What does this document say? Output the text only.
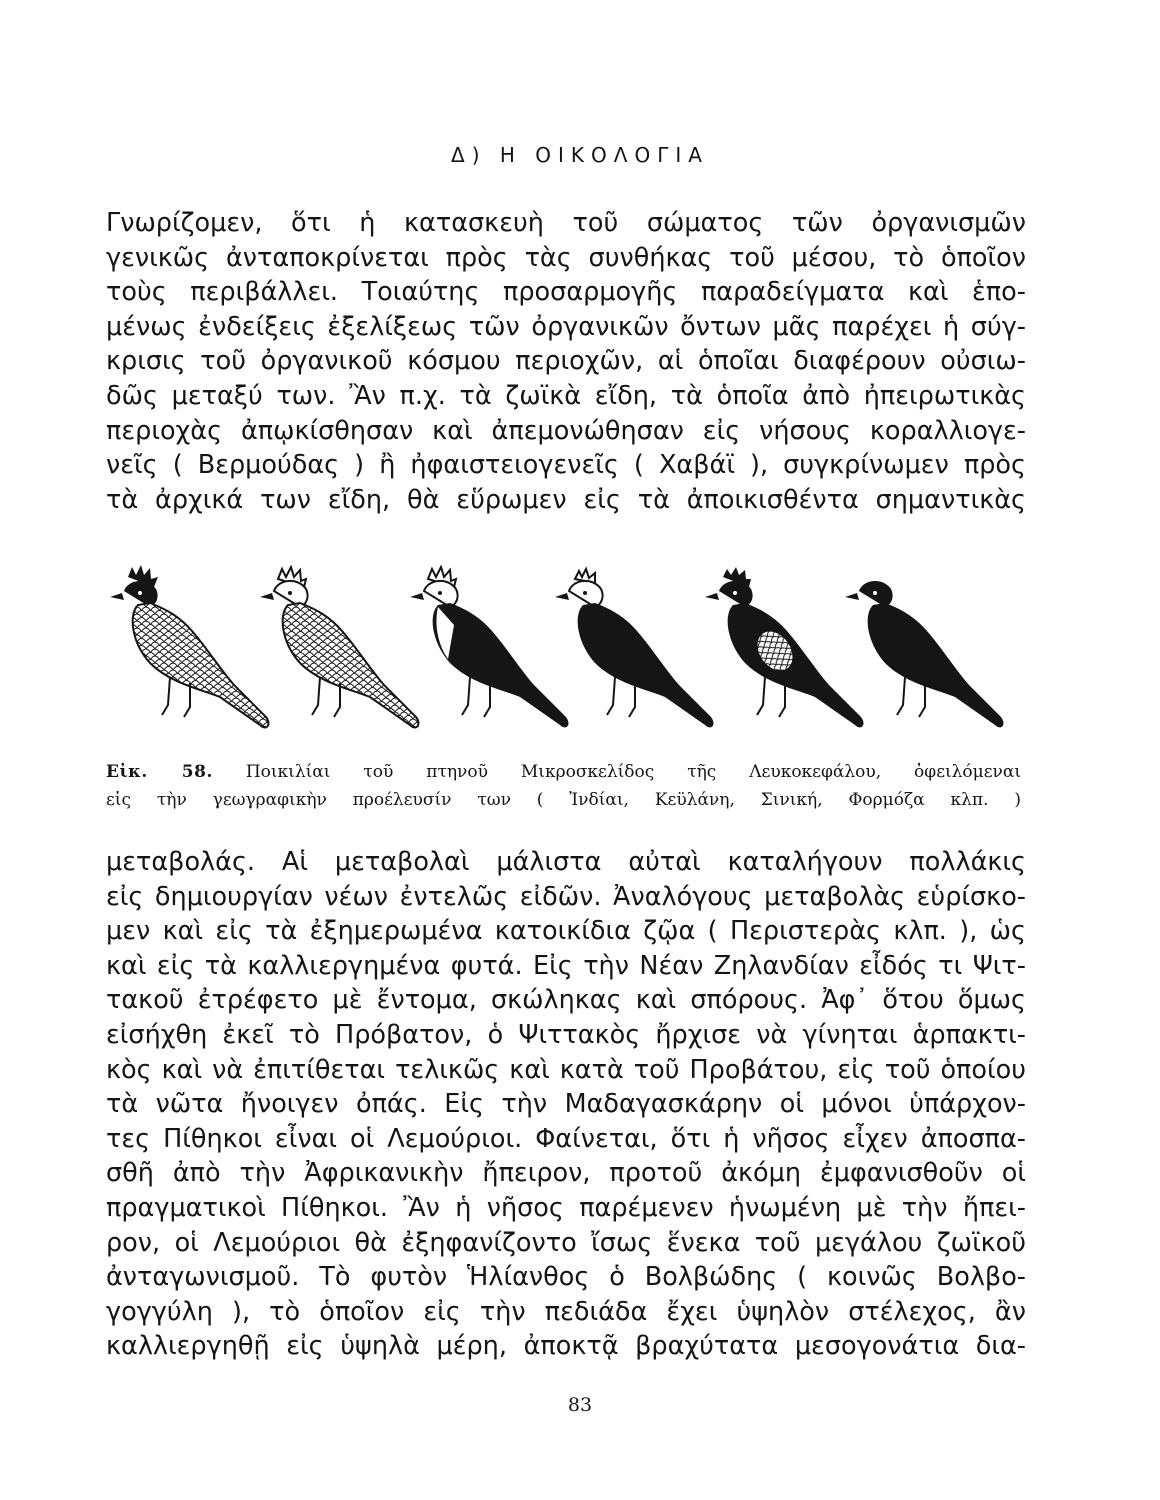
Δ) Η ΟΙΚΟΛΟΓΙΑ
Γνωρίζομεν, ὅτι ἡ κατασκευὴ τοῦ σώματος τῶν ὀργανισμῶν
γενικῶς ἀνταποκρίνεται πρὸς τὰς συνθήκας τοῦ μέσου, τὸ ὁποῖον
τοὺς περιβάλλει. Τοιαύτης προσαρμογῆς παραδείγματα καὶ ἑπο-
μένως ἐνδείξεις ἐξελίξεως τῶν ὀργανικῶν ὄντων μᾶς παρέχει ἡ σύγ-
κρισις τοῦ ὀργανικοῦ κόσμου περιοχῶν, αἱ ὁποῖαι διαφέρουν οὐσιω-
δῶς μεταξύ των. Ἂν π.χ. τὰ ζωϊκὰ εἴδη, τὰ ὁποῖα ἀπὸ ἠπειρωτικὰς
περιοχὰς ἀπῳκίσθησαν καὶ ἀπεμονώθησαν εἰς νήσους κοραλλιογε-
νεῖς ( Βερμούδας ) ἢ ἠφαιστειογενεῖς ( Χαβάϊ ), συγκρίνωμεν πρὸς
τὰ ἀρχικά των εἴδη, θὰ εὕρωμεν εἰς τὰ ἀποικισθέντα σημαντικὰς
Εἰκ. 58. Ποικιλίαι τοῦ πτηνοῦ Μικροσκελίδος τῆς Λευκοκεφάλου, ὀφειλόμεναι
εἰς τὴν γεωγραφικὴν προέλευσίν των ( Ἰνδίαι, Κεϋλάνη, Σινική, Φορμόζα κλπ. )
μεταβολάς. Αἱ μεταβολαὶ μάλιστα αὐταὶ καταλήγουν πολλάκις
εἰς δημιουργίαν νέων ἐντελῶς εἰδῶν. Ἀναλόγους μεταβολὰς εὑρίσκο-
μεν καὶ εἰς τὰ ἐξημερωμένα κατοικίδια ζῷα ( Περιστερὰς κλπ. ), ὡς
καὶ εἰς τὰ καλλιεργημένα φυτά. Εἰς τὴν Νέαν Ζηλανδίαν εἶδός τι Ψιτ-
τακοῦ ἐτρέφετο μὲ ἔντομα, σκώληκας καὶ σπόρους. Ἀφ᾽ ὅτου ὅμως
εἰσήχθη ἐκεῖ τὸ Πρόβατον, ὁ Ψιττακὸς ἤρχισε νὰ γίνηται ἁρπακτι-
κὸς καὶ νὰ ἐπιτίθεται τελικῶς καὶ κατὰ τοῦ Προβάτου, εἰς τοῦ ὁποίου
τὰ νῶτα ἤνοιγεν ὀπάς. Εἰς τὴν Μαδαγασκάρην οἱ μόνοι ὑπάρχον-
τες Πίθηκοι εἶναι οἱ Λεμούριοι. Φαίνεται, ὅτι ἡ νῆσος εἶχεν ἀποσπα-
σθῆ ἀπὸ τὴν Ἀφρικανικὴν ἤπειρον, προτοῦ ἀκόμη ἐμφανισθοῦν οἱ
πραγματικοὶ Πίθηκοι. Ἂν ἡ νῆσος παρέμενεν ἡνωμένη μὲ τὴν ἤπει-
ρον, οἱ Λεμούριοι θὰ ἐξηφανίζοντο ἴσως ἕνεκα τοῦ μεγάλου ζωϊκοῦ
ἀνταγωνισμοῦ. Τὸ φυτὸν Ἡλίανθος ὁ Βολβώδης ( κοινῶς Βολβο-
γογγύλη ), τὸ ὁποῖον εἰς τὴν πεδιάδα ἔχει ὑψηλὸν στέλεχος, ἂν
καλλιεργηθῇ εἰς ὑψηλὰ μέρη, ἀποκτᾷ βραχύτατα μεσογονάτια δια-
83
